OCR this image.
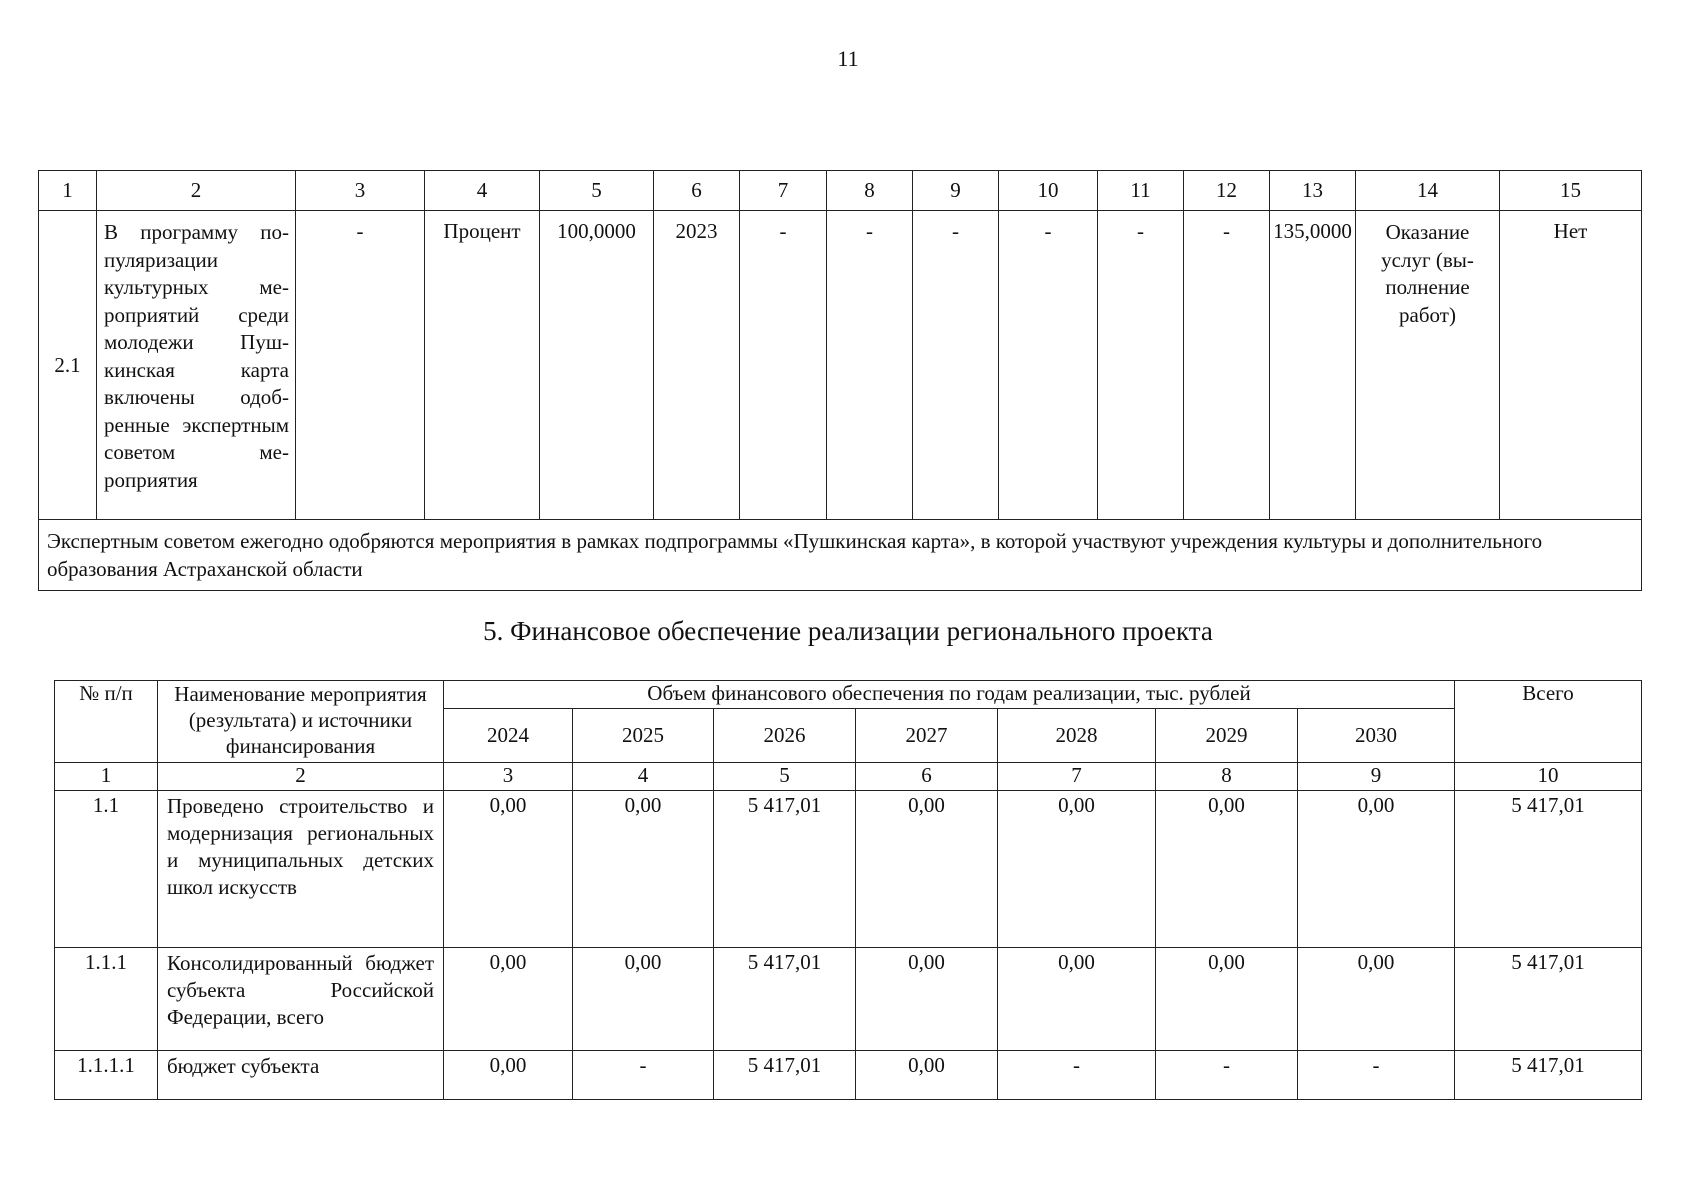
11
1	2	3	4	5	6	7	8	9	10	11	12	13	14	15
2.1	В программу популяризации культурных мероприятий среди молодежи Пушкинская карта включены одобренные экспертным советом мероприятия	-	Процент	100,0000	2023	-	-	-	-	-	-	135,0000	Оказание услуг (выполнение работ)	Нет
Экспертным советом ежегодно одобряются мероприятия в рамках подпрограммы «Пушкинская карта», в которой участвуют учреждения культуры и дополнительного образования Астраханской области														
5. Финансовое обеспечение реализации регионального проекта
№ п/п	Наименование мероприятия (результата) и источники финансирования	Объем финансового обеспечения по годам реализации, тыс. рублей							Всего
		2024	2025	2026	2027	2028	2029	2030	
1	2	3	4	5	6	7	8	9	10
1.1	Проведено строительство и модернизация региональных и муниципальных детских школ искусств	0,00	0,00	5 417,01	0,00	0,00	0,00	0,00	5 417,01
1.1.1	Консолидированный бюджет субъекта Российской Федерации, всего	0,00	0,00	5 417,01	0,00	0,00	0,00	0,00	5 417,01
1.1.1.1	бюджет субъекта	0,00	-	5 417,01	0,00	-	-	-	5 417,01
